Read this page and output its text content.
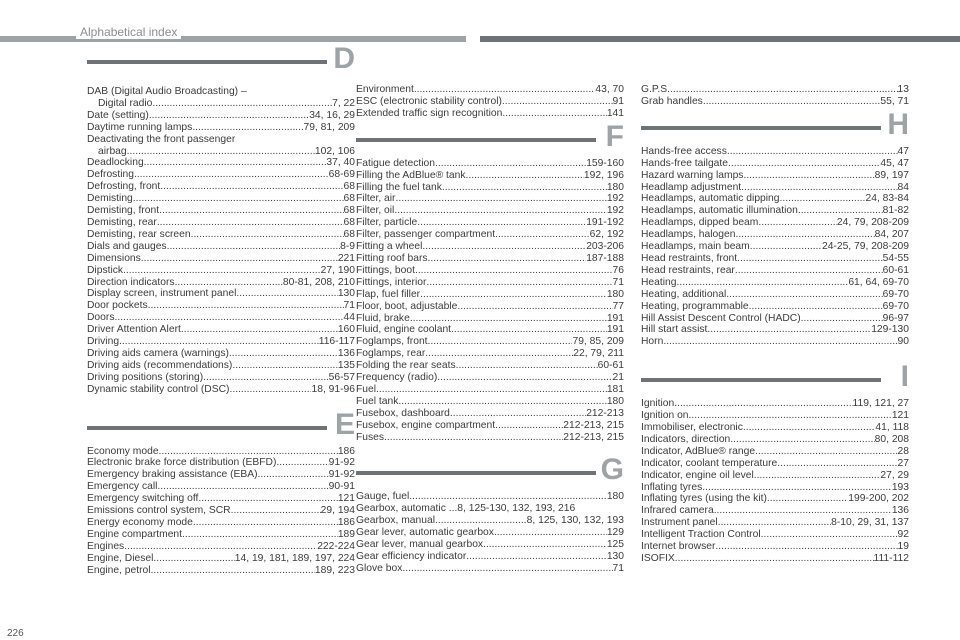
Alphabetical index
D
DAB (Digital Audio Broadcasting) –
Digital radio .....	7, 22
Date (setting) .....	34, 16, 29
Daytime running lamps .....	79, 81, 209
Deactivating the front passenger
airbag .....	102, 106
Deadlocking .....	37, 40
Defrosting .....	68-69
Defrosting, front .....	68
Demisting .....	68
Demisting, front .....	68
Demisting, rear .....	68
Demisting, rear screen .....	68
Dials and gauges .....	8-9
Dimensions .....	221
Dipstick .....	27, 190
Direction indicators .....	80-81, 208, 210
Display screen, instrument panel .....	130
Door pockets .....	71
Doors .....	44
Driver Attention Alert .....	160
Driving .....	116-117
Driving aids camera (warnings) .....	136
Driving aids (recommendations) .....	135
Driving positions (storing) .....	56-57
Dynamic stability control (DSC) .....	18, 91-96
E
Economy mode .....	186
Electronic brake force distribution (EBFD) .....	91-92
Emergency braking assistance (EBA) .....	91-92
Emergency call .....	90-91
Emergency switching off .....	121
Emissions control system, SCR .....	29, 194
Energy economy mode .....	186
Engine compartment .....	189
Engines .....	222-224
Engine, Diesel .....	14, 19, 181, 189, 197, 224
Engine, petrol .....	189, 223
Environment .....	43, 70
ESC (electronic stability control) .....	91
Extended traffic sign recognition .....	141
F
Fatigue detection .....	159-160
Filling the AdBlue® tank .....	192, 196
Filling the fuel tank .....	180
Filter, air .....	192
Filter, oil .....	192
Filter, particle .....	191-192
Filter, passenger compartment .....	62, 192
Fitting a wheel .....	203-206
Fitting roof bars .....	187-188
Fittings, boot .....	76
Fittings, interior .....	71
Flap, fuel filler .....	180
Floor, boot, adjustable .....	77
Fluid, brake .....	191
Fluid, engine coolant .....	191
Foglamps, front .....	79, 85, 209
Foglamps, rear .....	22, 79, 211
Folding the rear seats .....	60-61
Frequency (radio) .....	21
Fuel .....	181
Fuel tank .....	180
Fusebox, dashboard .....	212-213
Fusebox, engine compartment .....	212-213, 215
Fuses .....	212-213, 215
G
Gauge, fuel .....	180
Gearbox, automatic ...8, 125-130, 132, 193, 216
Gearbox, manual .....	8, 125, 130, 132, 193
Gear lever, automatic gearbox .....	129
Gear lever, manual gearbox .....	125
Gear efficiency indicator .....	130
Glove box .....	71
G.P.S. .....	13
Grab handles .....	55, 71
H
Hands-free access .....	47
Hands-free tailgate .....	45, 47
Hazard warning lamps .....	89, 197
Headlamp adjustment .....	84
Headlamps, automatic dipping .....	24, 83-84
Headlamps, automatic illumination .....	81-82
Headlamps, dipped beam .....	24, 79, 208-209
Headlamps, halogen .....	84, 207
Headlamps, main beam .....	24-25, 79, 208-209
Head restraints, front .....	54-55
Head restraints, rear .....	60-61
Heating .....	61, 64, 69-70
Heating, additional .....	69-70
Heating, programmable .....	69-70
Hill Assist Descent Control (HADC) .....	96-97
Hill start assist .....	129-130
Horn .....	90
I
Ignition .....	119, 121, 27
Ignition on .....	121
Immobiliser, electronic .....	41, 118
Indicators, direction .....	80, 208
Indicator, AdBlue® range .....	28
Indicator, coolant temperature .....	27
Indicator, engine oil level .....	27, 29
Inflating tyres .....	193
Inflating tyres (using the kit) .....	199-200, 202
Infrared camera .....	136
Instrument panel .....	8-10, 29, 31, 137
Intelligent Traction Control .....	92
Internet browser .....	19
ISOFIX .....	111-112
226
